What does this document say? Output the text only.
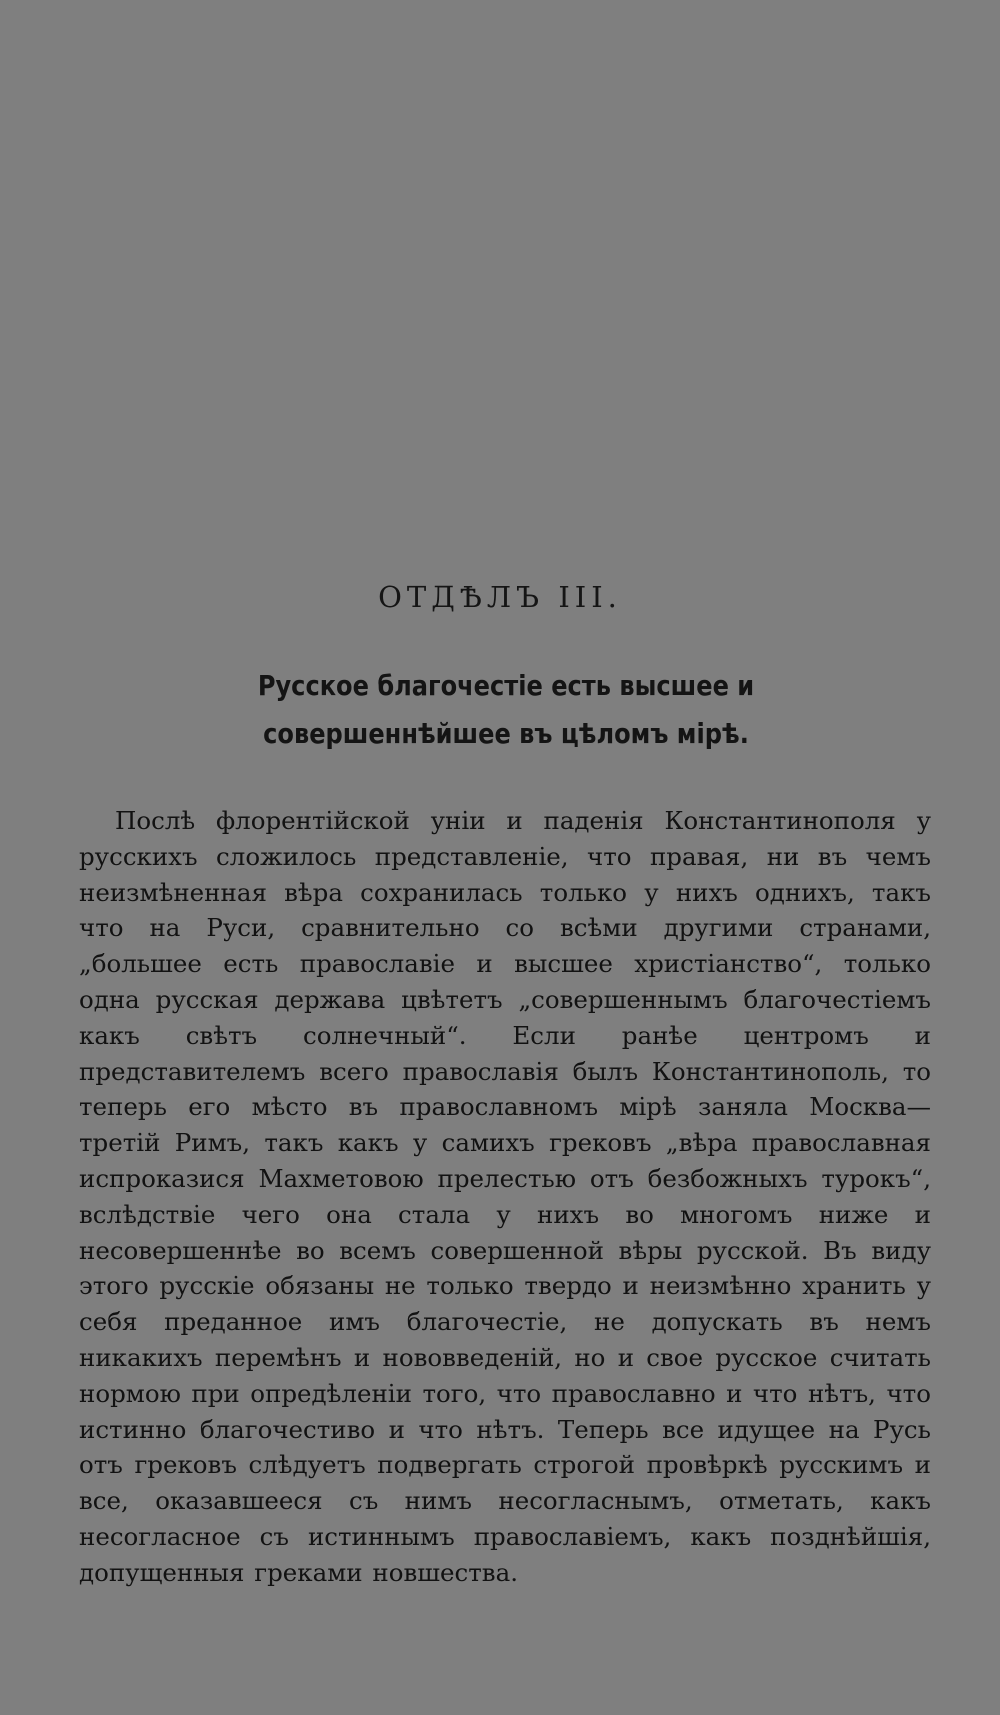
ОТДѢЛЪ III.
Русское благочестіе есть высшее и совершеннѣйшее въ цѣломъ мірѣ.

Послѣ флорентійской уніи и паденія Константинополя у русскихъ сложилось представленіе, что правая, ни въ чемъ неизмѣненная вѣра сохранилась только у нихъ однихъ, такъ что на Руси, сравнительно со всѣми другими странами, „большее есть православіе и высшее христіанство“, только одна русская держава цвѣтетъ „совершеннымъ благочестіемъ какъ свѣтъ солнечный“. Если ранѣе центромъ и представителемъ всего православія былъ Константинополь, то теперь его мѣсто въ православномъ мірѣ заняла Москва—третій Римъ, такъ какъ у самихъ грековъ „вѣра православная испроказися Махметовою прелестью отъ безбожныхъ турокъ“, вслѣдствіе чего она стала у нихъ во многомъ ниже и несовершеннѣе во всемъ совершенной вѣры русской. Въ виду этого русскіе обязаны не только твердо и неизмѣнно хранить у себя преданное имъ благочестіе, не допускать въ немъ никакихъ перемѣнъ и нововведеній, но и свое русское считать нормою при опредѣленіи того, что православно и что нѣтъ, что истинно благочестиво и что нѣтъ. Теперь все идущее на Русь отъ грековъ слѣдуетъ подвергать строгой провѣркѣ русскимъ и все, оказавшееся съ нимъ несогласнымъ, отметать, какъ несогласное съ истиннымъ православіемъ, какъ позднѣйшія, допущенныя греками новшества.
